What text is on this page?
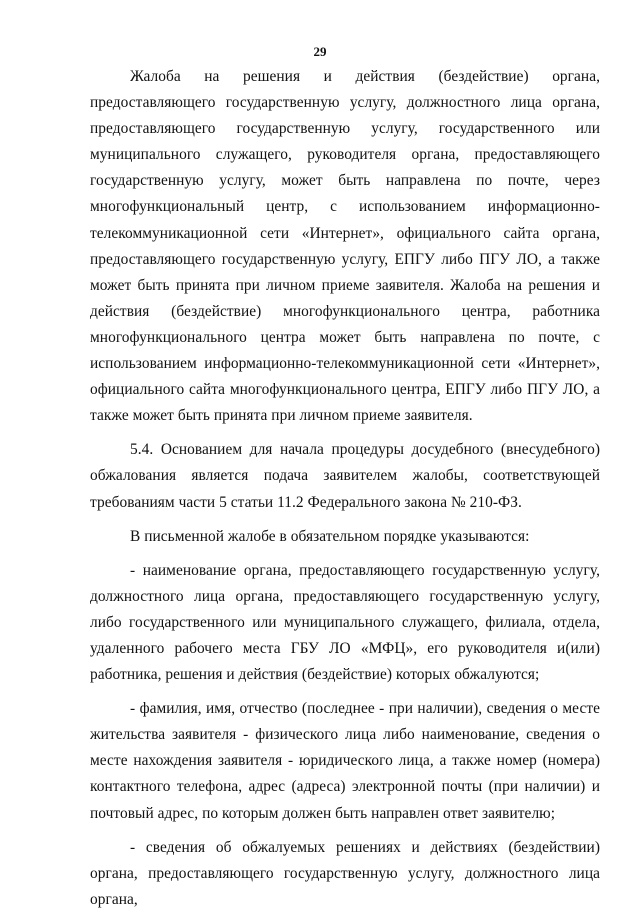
29

Жалоба на решения и действия (бездействие) органа, предоставляющего государственную услугу, должностного лица органа, предоставляющего государственную услугу, государственного или муниципального служащего, руководителя органа, предоставляющего государственную услугу, может быть направлена по почте, через многофункциональный центр, с использованием информационно-телекоммуникационной сети «Интернет», официального сайта органа, предоставляющего государственную услугу, ЕПГУ либо ПГУ ЛО, а также может быть принята при личном приеме заявителя. Жалоба на решения и действия (бездействие) многофункционального центра, работника многофункционального центра может быть направлена по почте, с использованием информационно-телекоммуникационной сети «Интернет», официального сайта многофункционального центра, ЕПГУ либо ПГУ ЛО, а также может быть принята при личном приеме заявителя.

5.4. Основанием для начала процедуры досудебного (внесудебного) обжалования является подача заявителем жалобы, соответствующей требованиям части 5 статьи 11.2 Федерального закона № 210-ФЗ.

В письменной жалобе в обязательном порядке указываются:

- наименование органа, предоставляющего государственную услугу, должностного лица органа, предоставляющего государственную услугу, либо государственного или муниципального служащего, филиала, отдела, удаленного рабочего места ГБУ ЛО «МФЦ», его руководителя и(или) работника, решения и действия (бездействие) которых обжалуются;

- фамилия, имя, отчество (последнее - при наличии), сведения о месте жительства заявителя - физического лица либо наименование, сведения о месте нахождения заявителя - юридического лица, а также номер (номера) контактного телефона, адрес (адреса) электронной почты (при наличии) и почтовый адрес, по которым должен быть направлен ответ заявителю;

- сведения об обжалуемых решениях и действиях (бездействии) органа, предоставляющего государственную услугу, должностного лица органа,
